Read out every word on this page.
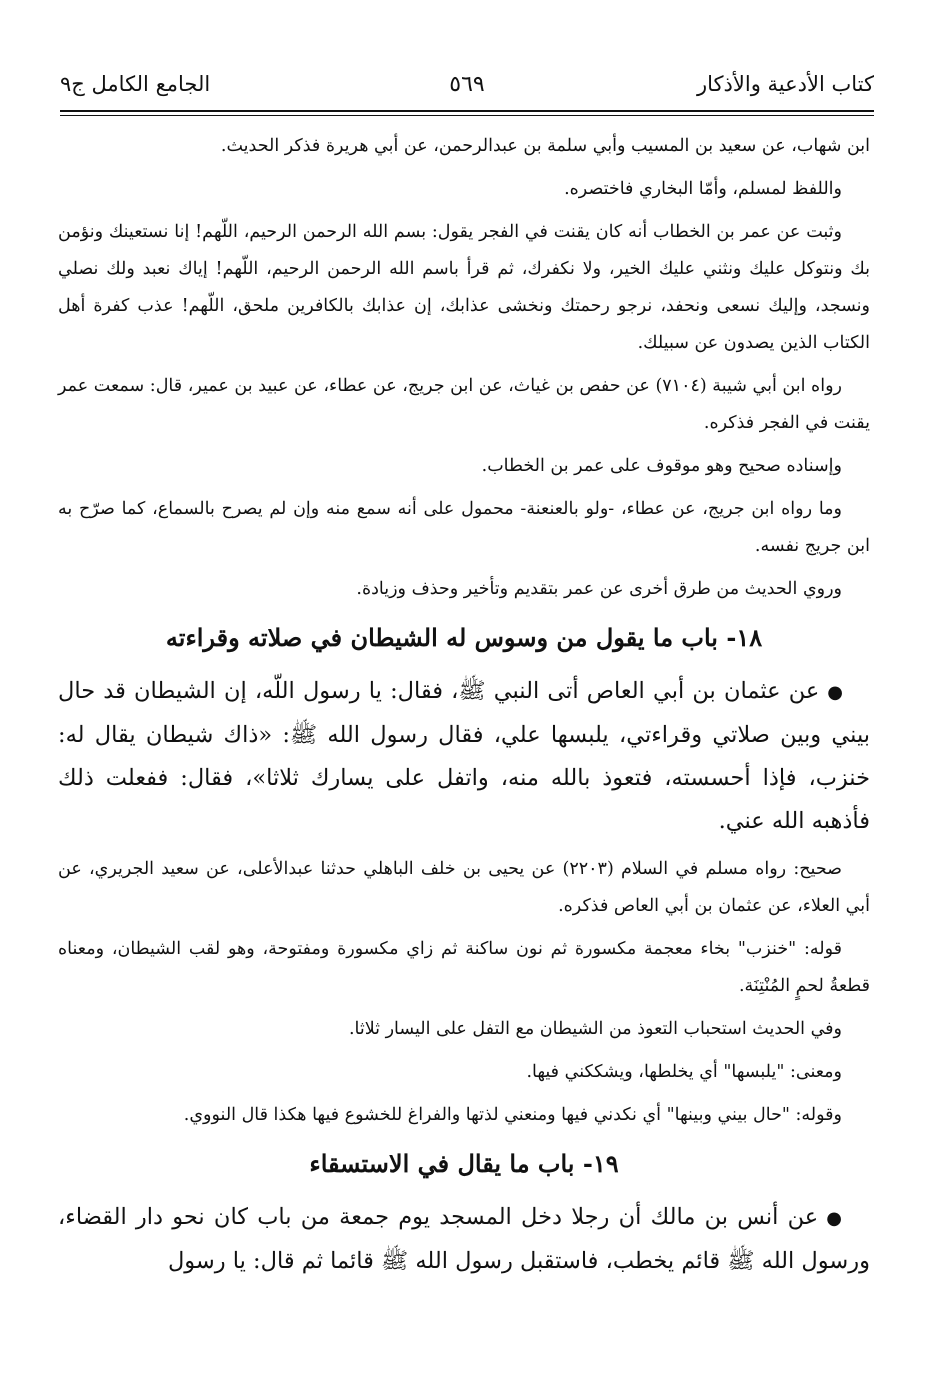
كتاب الأدعية والأذكار
٥٦٩
الجامع الكامل ج٩

ابن شهاب، عن سعيد بن المسيب وأبي سلمة بن عبدالرحمن، عن أبي هريرة فذكر الحديث.

واللفظ لمسلم، وأمّا البخاري فاختصره.

وثبت عن عمر بن الخطاب أنه كان يقنت في الفجر يقول: بسم الله الرحمن الرحيم، اللّهم! إنا نستعينك ونؤمن بك ونتوكل عليك ونثني عليك الخير، ولا نكفرك، ثم قرأ باسم الله الرحمن الرحيم، اللّهم! إياك نعبد ولك نصلي ونسجد، وإليك نسعى ونحفد، نرجو رحمتك ونخشى عذابك، إن عذابك بالكافرين ملحق، اللّهم! عذب كفرة أهل الكتاب الذين يصدون عن سبيلك.

رواه ابن أبي شيبة (٧١٠٤) عن حفص بن غياث، عن ابن جريج، عن عطاء، عن عبيد بن عمير، قال: سمعت عمر يقنت في الفجر فذكره.

وإسناده صحيح وهو موقوف على عمر بن الخطاب.

وما رواه ابن جريج، عن عطاء، -ولو بالعنعنة- محمول على أنه سمع منه وإن لم يصرح بالسماع، كما صرّح به ابن جريج نفسه.

وروي الحديث من طرق أخرى عن عمر بتقديم وتأخير وحذف وزيادة.

١٨- باب ما يقول من وسوس له الشيطان في صلاته وقراءته

●عن عثمان بن أبي العاص أتى النبي ﷺ، فقال: يا رسول اللّه، إن الشيطان قد حال بيني وبين صلاتي وقراءتي، يلبسها علي، فقال رسول الله ﷺ: «ذاك شيطان يقال له: خنزب، فإذا أحسسته، فتعوذ بالله منه، واتفل على يسارك ثلاثا»، فقال: ففعلت ذلك فأذهبه الله عني.

صحيح: رواه مسلم في السلام (٢٢٠٣) عن يحيى بن خلف الباهلي حدثنا عبدالأعلى، عن سعيد الجريري، عن أبي العلاء، عن عثمان بن أبي العاص فذكره.

قوله: "خنزب" بخاء معجمة مكسورة ثم نون ساكنة ثم زاي مكسورة ومفتوحة، وهو لقب الشيطان، ومعناه قطعةُ لحمٍ المُنْتِنَة.

وفي الحديث استحباب التعوذ من الشيطان مع التفل على اليسار ثلاثا.

ومعنى: "يلبسها" أي يخلطها، ويشككني فيها.

وقوله: "حال بيني وبينها" أي نكدني فيها ومنعني لذتها والفراغ للخشوع فيها هكذا قال النووي.

١٩- باب ما يقال في الاستسقاء

●عن أنس بن مالك أن رجلا دخل المسجد يوم جمعة من باب كان نحو دار القضاء، ورسول الله ﷺ قائم يخطب، فاستقبل رسول الله ﷺ قائما ثم قال: يا رسول
